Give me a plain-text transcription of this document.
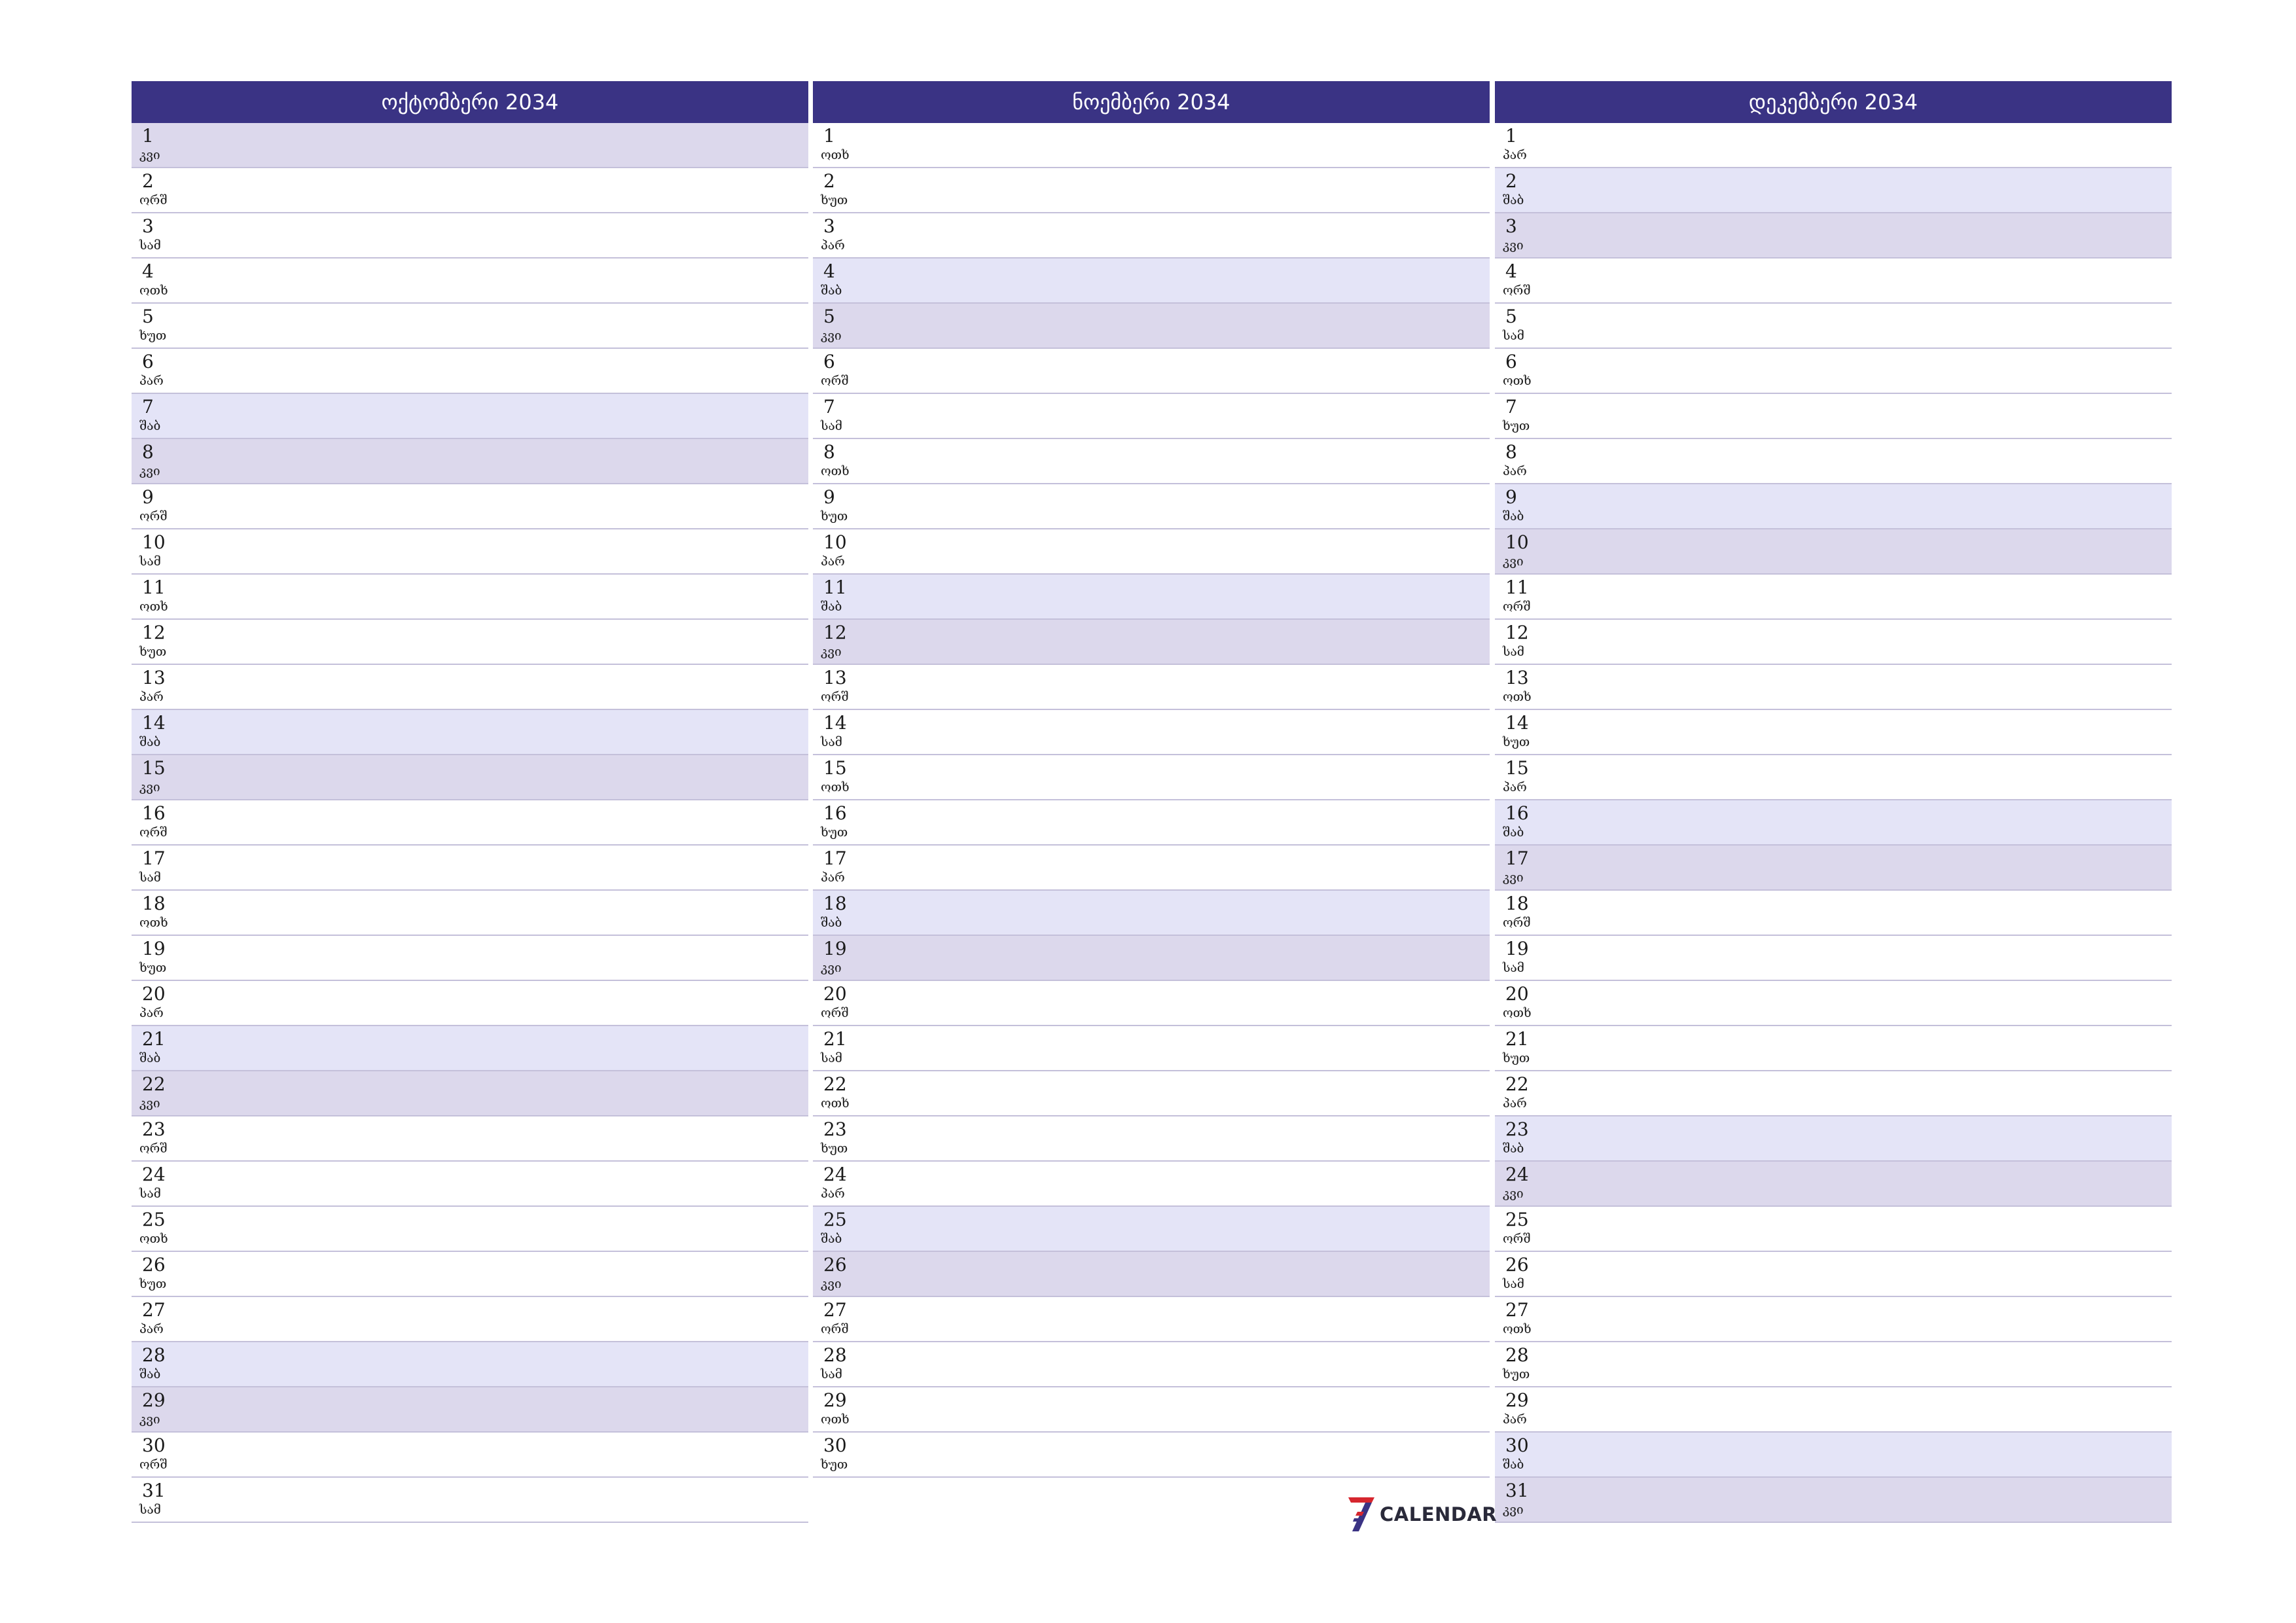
ოქტომბერი 2034
1
კვი
2
ორშ
3
სამ
4
ოთხ
5
ხუთ
6
პარ
7
შაბ
8
კვი
9
ორშ
10
სამ
11
ოთხ
12
ხუთ
13
პარ
14
შაბ
15
კვი
16
ორშ
17
სამ
18
ოთხ
19
ხუთ
20
პარ
21
შაბ
22
კვი
23
ორშ
24
სამ
25
ოთხ
26
ხუთ
27
პარ
28
შაბ
29
კვი
30
ორშ
31
სამ
ნოემბერი 2034
1
ოთხ
2
ხუთ
3
პარ
4
შაბ
5
კვი
6
ორშ
7
სამ
8
ოთხ
9
ხუთ
10
პარ
11
შაბ
12
კვი
13
ორშ
14
სამ
15
ოთხ
16
ხუთ
17
პარ
18
შაბ
19
კვი
20
ორშ
21
სამ
22
ოთხ
23
ხუთ
24
პარ
25
შაბ
26
კვი
27
ორშ
28
სამ
29
ოთხ
30
ხუთ
დეკემბერი 2034
1
პარ
2
შაბ
3
კვი
4
ორშ
5
სამ
6
ოთხ
7
ხუთ
8
პარ
9
შაბ
10
კვი
11
ორშ
12
სამ
13
ოთხ
14
ხუთ
15
პარ
16
შაბ
17
კვი
18
ორშ
19
სამ
20
ოთხ
21
ხუთ
22
პარ
23
შაბ
24
კვი
25
ორშ
26
სამ
27
ოთხ
28
ხუთ
29
პარ
30
შაბ
31
კვი
CALENDAR
